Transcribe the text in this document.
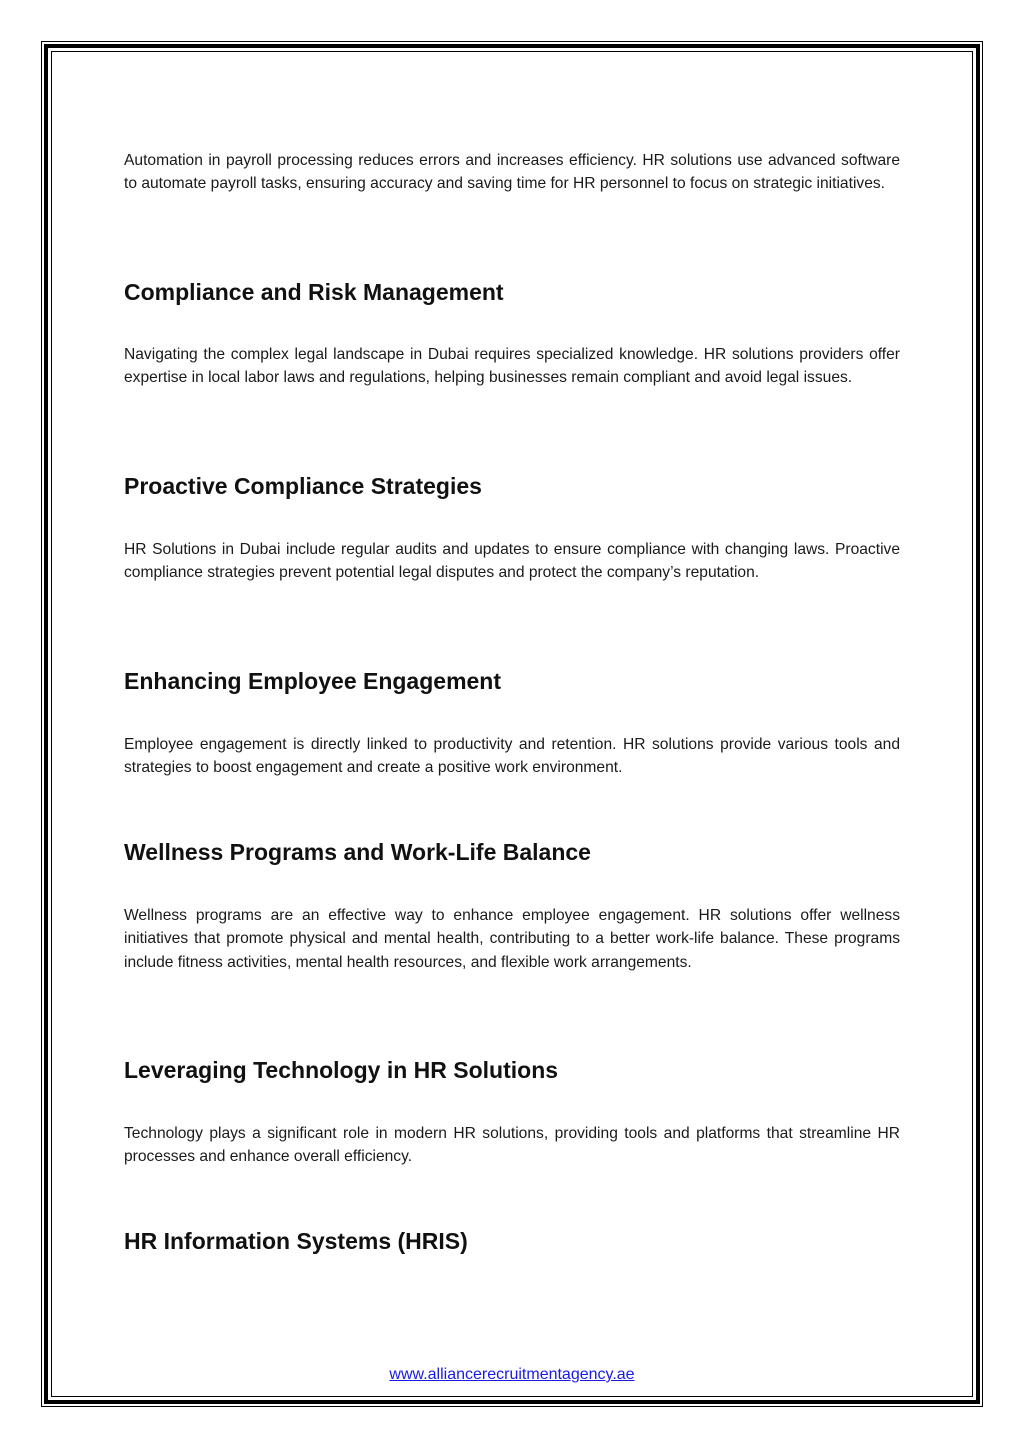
Automation in payroll processing reduces errors and increases efficiency. HR solutions use advanced software to automate payroll tasks, ensuring accuracy and saving time for HR personnel to focus on strategic initiatives.

Compliance and Risk Management

Navigating the complex legal landscape in Dubai requires specialized knowledge. HR solutions providers offer expertise in local labor laws and regulations, helping businesses remain compliant and avoid legal issues.

Proactive Compliance Strategies

HR Solutions in Dubai include regular audits and updates to ensure compliance with changing laws. Proactive compliance strategies prevent potential legal disputes and protect the company’s reputation.

Enhancing Employee Engagement

Employee engagement is directly linked to productivity and retention. HR solutions provide various tools and strategies to boost engagement and create a positive work environment.

Wellness Programs and Work-Life Balance

Wellness programs are an effective way to enhance employee engagement. HR solutions offer wellness initiatives that promote physical and mental health, contributing to a better work-life balance. These programs include fitness activities, mental health resources, and flexible work arrangements.

Leveraging Technology in HR Solutions

Technology plays a significant role in modern HR solutions, providing tools and platforms that streamline HR processes and enhance overall efficiency.

HR Information Systems (HRIS)
www.alliancerecruitmentagency.ae
